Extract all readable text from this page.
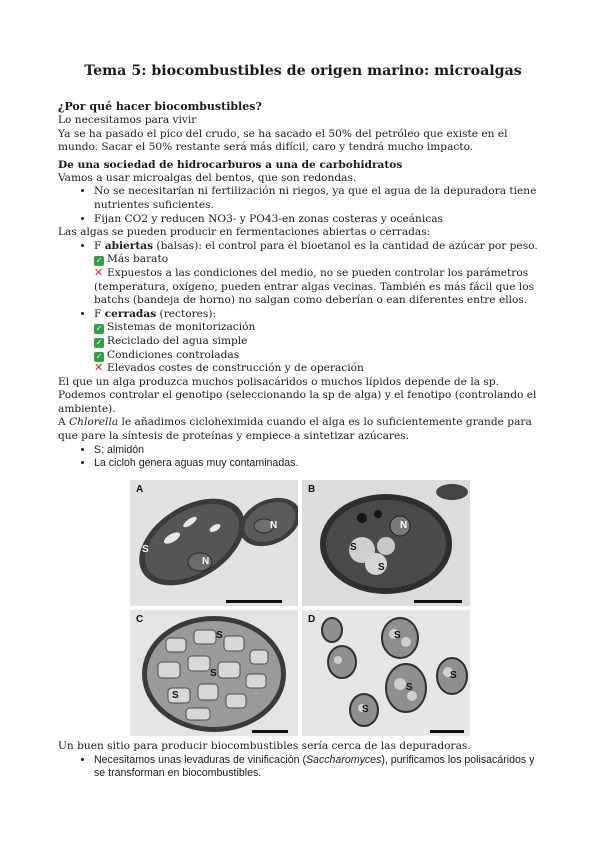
Tema 5: biocombustibles de origen marino: microalgas

¿Por qué hacer biocombustibles?

Lo necesitamos para vivir

Ya se ha pasado el pico del crudo, se ha sacado el 50% del petróleo que existe en el mundo. Sacar el 50% restante será más difícil, caro y tendrá mucho impacto.

De una sociedad de hidrocarburos a una de carbohidratos

Vamos a usar microalgas del bentos, que son redondas.

• No se necesitarían ni fertilización ni riegos, ya que el agua de la depuradora tiene nutrientes suficientes.
• Fijan CO2 y reducen NO3- y PO43-en zonas costeras y oceánicas

Las algas se pueden producir en fermentaciones abiertas o cerradas:

• F abiertas (balsas): el control para el bioetanol es la cantidad de azúcar por peso.
✓ Más barato
✕ Expuestos a las condiciones del medio, no se pueden controlar los parámetros (temperatura, oxígeno, pueden entrar algas vecinas. También es más fácil que los batchs (bandeja de horno) no salgan como deberían o ean diferentes entre ellos.
• F cerradas (rectores):
✓ Sistemas de monitorización
✓ Reciclado del agua simple
✓ Condiciones controladas
✕ Elevados costes de construcción y de operación

El que un alga produzca muchos polisacáridos o muchos lípidos depende de la sp. Podemos controlar el genotipo (seleccionando la sp de alga) y el fenotipo (controlando el ambiente).

A Chlorella le añadimos cicloheximida cuando el alga es lo suficientemente grande para que pare la síntesis de proteínas y empiece a sintetizar azúcares.

• S: almidón
• La cicloh genera aguas muy contaminadas.
A
S
N
N
B
N
S
S
C
S
S
S
D
S
S
S
S

Un buen sitio para producir biocombustibles sería cerca de las depuradoras.

• Necesitamos unas levaduras de vinificación (Saccharomyces), purificamos los polisacáridos y se transforman en biocombustibles.
